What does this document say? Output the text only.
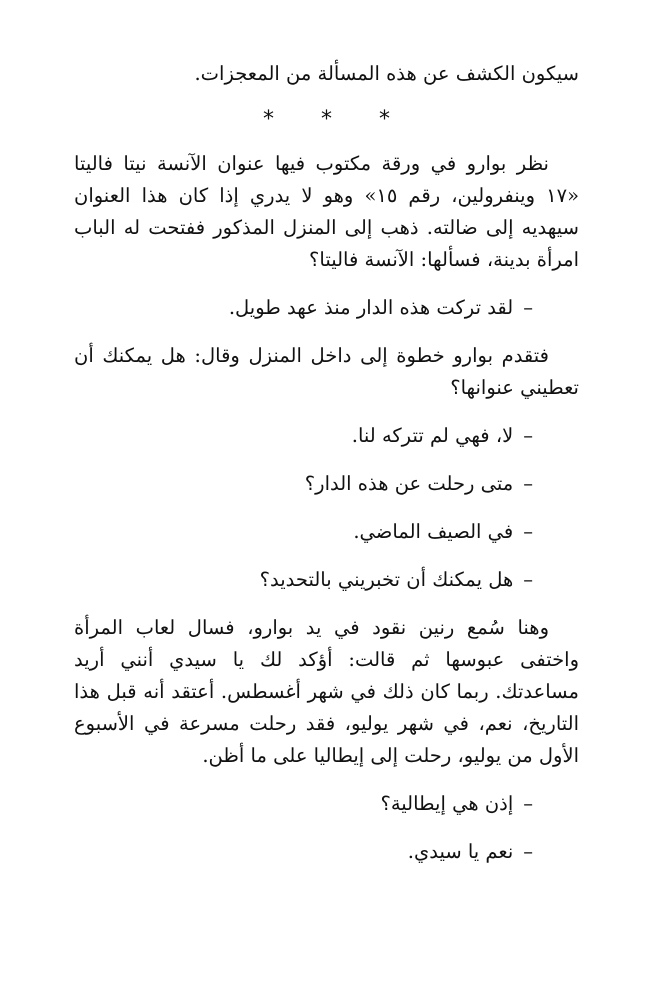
سيكون الكشف عن هذه المسألة من المعجزات.

* * *

نظر بوارو في ورقة مكتوب فيها عنوان الآنسة نيتا فاليتا «١٧ وينفرولين، رقم ١٥» وهو لا يدري إذا كان هذا العنوان سيهديه إلى ضالته. ذهب إلى المنزل المذكور ففتحت له الباب امرأة بدينة، فسألها: الآنسة فاليتا؟

–لقد تركت هذه الدار منذ عهد طويل.

فتقدم بوارو خطوة إلى داخل المنزل وقال: هل يمكنك أن تعطيني عنوانها؟

–لا، فهي لم تتركه لنا.

–متى رحلت عن هذه الدار؟

–في الصيف الماضي.

–هل يمكنك أن تخبريني بالتحديد؟

وهنا سُمع رنين نقود في يد بوارو، فسال لعاب المرأة واختفى عبوسها ثم قالت: أؤكد لك يا سيدي أنني أريد مساعدتك. ربما كان ذلك في شهر أغسطس. أعتقد أنه قبل هذا التاريخ، نعم، في شهر يوليو، فقد رحلت مسرعة في الأسبوع الأول من يوليو، رحلت إلى إيطاليا على ما أظن.

–إذن هي إيطالية؟

–نعم يا سيدي.
